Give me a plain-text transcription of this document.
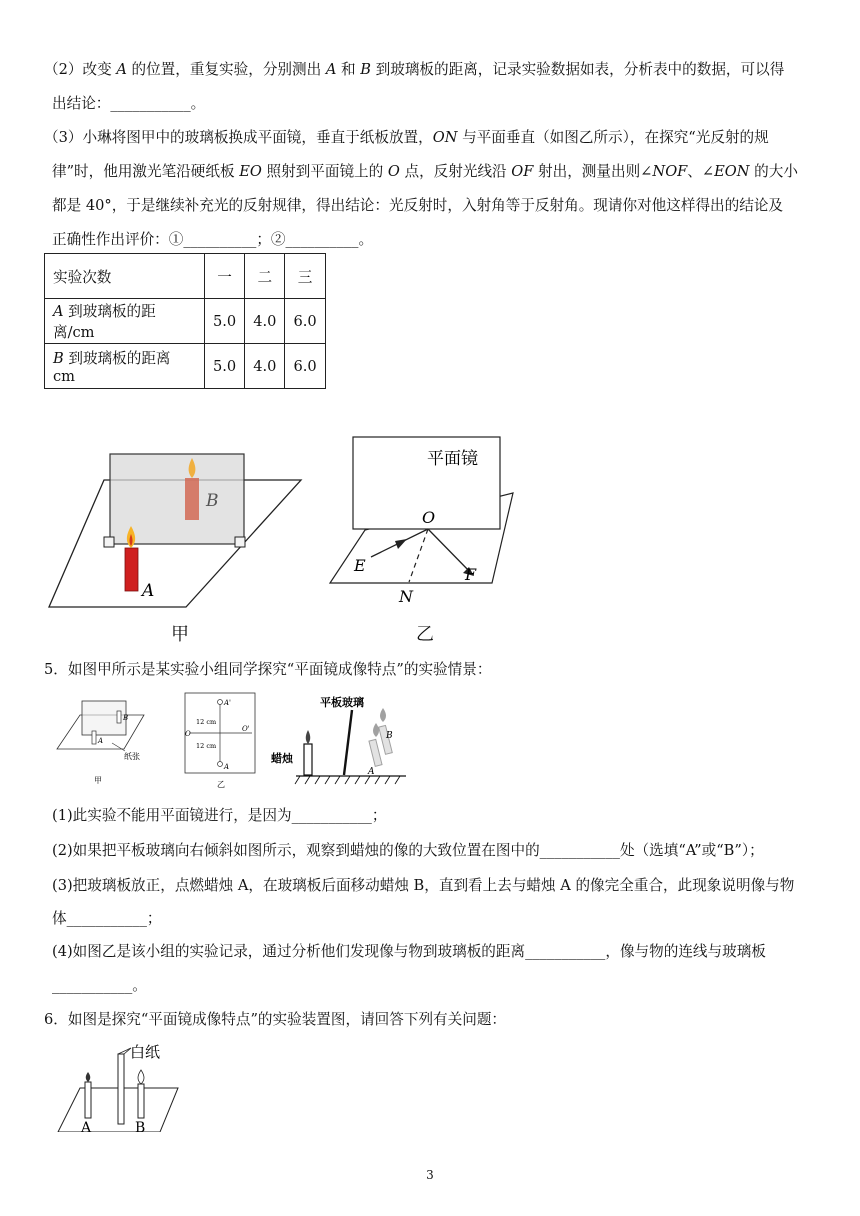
（2）改变 A 的位置，重复实验，分别测出 A 和 B 到玻璃板的距离，记录实验数据如表，分析表中的数据，可以得
出结论：___________。
（3）小琳将图甲中的玻璃板换成平面镜，垂直于纸板放置，ON 与平面垂直（如图乙所示），在探究“光反射的规
律”时，他用激光笔沿硬纸板 EO 照射到平面镜上的 O 点，反射光线沿 OF 射出，测量出则∠NOF、∠EON 的大小
都是 40°，于是继续补充光的反射规律，得出结论：光反射时，入射角等于反射角。现请你对他这样得出的结论及
正确性作出评价：①__________；②__________。
实验次数	一	二	三
A 到玻璃板的距离/cm	5.0	4.0	6.0
B 到玻璃板的距离 cm	5.0	4.0	6.0
B
A
甲
平面镜
O
E	F
N
乙
5．如图甲所示是某实验小组同学探究“平面镜成像特点”的实验情景：
B
A
纸张
甲
A'
A
O
O'
12 cm
12 cm
乙
平板玻璃
蜡烛
B
A
(1)此实验不能用平面镜进行，是因为___________；
(2)如果把平板玻璃向右倾斜如图所示，观察到蜡烛的像的大致位置在图中的___________处（选填“A”或“B”）；
(3)把玻璃板放正，点燃蜡烛 A，在玻璃板后面移动蜡烛 B，直到看上去与蜡烛 A 的像完全重合，此现象说明像与物
体___________；
(4)如图乙是该小组的实验记录，通过分析他们发现像与物到玻璃板的距离___________，像与物的连线与玻璃板
___________。
6．如图是探究“平面镜成像特点”的实验装置图，请回答下列有关问题：
白纸
A	B
3
